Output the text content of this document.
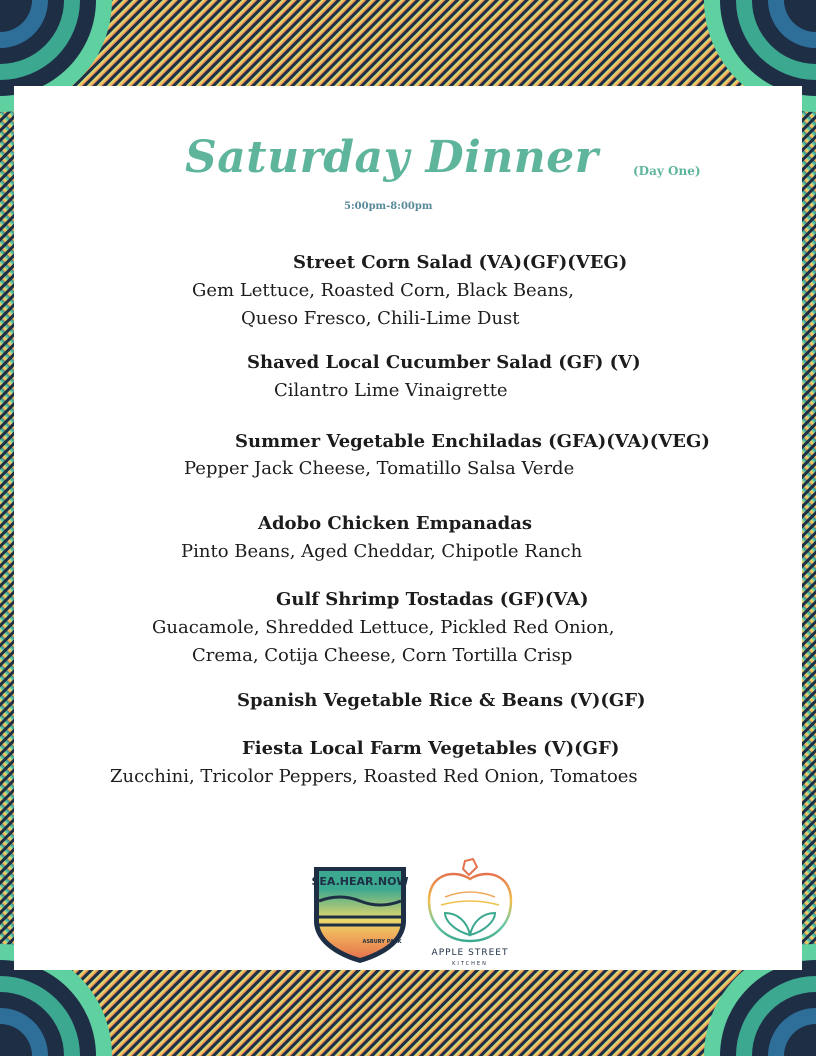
Saturday Dinner	(Day One)
5:00pm-8:00pm
Street Corn Salad (VA)(GF)(VEG)
Gem Lettuce, Roasted Corn, Black Beans,
Queso Fresco, Chili-Lime Dust
Shaved Local Cucumber Salad (GF) (V)
Cilantro Lime Vinaigrette
Summer Vegetable Enchiladas (GFA)(VA)(VEG)
Pepper Jack Cheese, Tomatillo Salsa Verde
Adobo Chicken Empanadas
Pinto Beans, Aged Cheddar, Chipotle Ranch
Gulf Shrimp Tostadas (GF)(VA)
Guacamole, Shredded Lettuce, Pickled Red Onion,
Crema, Cotija Cheese, Corn Tortilla Crisp
Spanish Vegetable Rice & Beans (V)(GF)
Fiesta Local Farm Vegetables (V)(GF)
Zucchini, Tricolor Peppers, Roasted Red Onion, Tomatoes
SEA.HEAR.NOW
ASBURY PARK
APPLE STREET
KITCHEN
